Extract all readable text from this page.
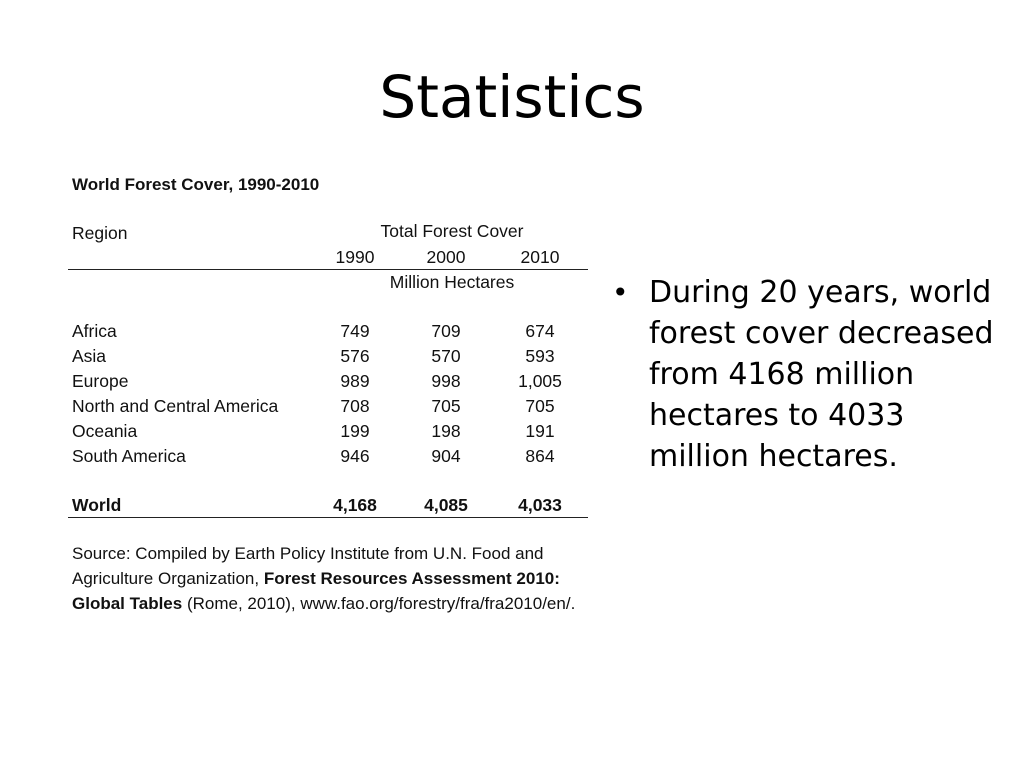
Statistics
World Forest Cover, 1990-2010
Region	Total Forest Cover
1990	2000	2010
Million Hectares
Africa	749	709	674
Asia	576	570	593
Europe	989	998	1,005
North and Central America	708	705	705
Oceania	199	198	191
South America	946	904	864
World	4,168	4,085	4,033
Source: Compiled by Earth Policy Institute from U.N. Food and Agriculture Organization, Forest Resources Assessment 2010: Global Tables (Rome, 2010), www.fao.org/forestry/fra/fra2010/en/.
• During 20 years, world forest cover decreased from 4168 million hectares to 4033 million hectares.
